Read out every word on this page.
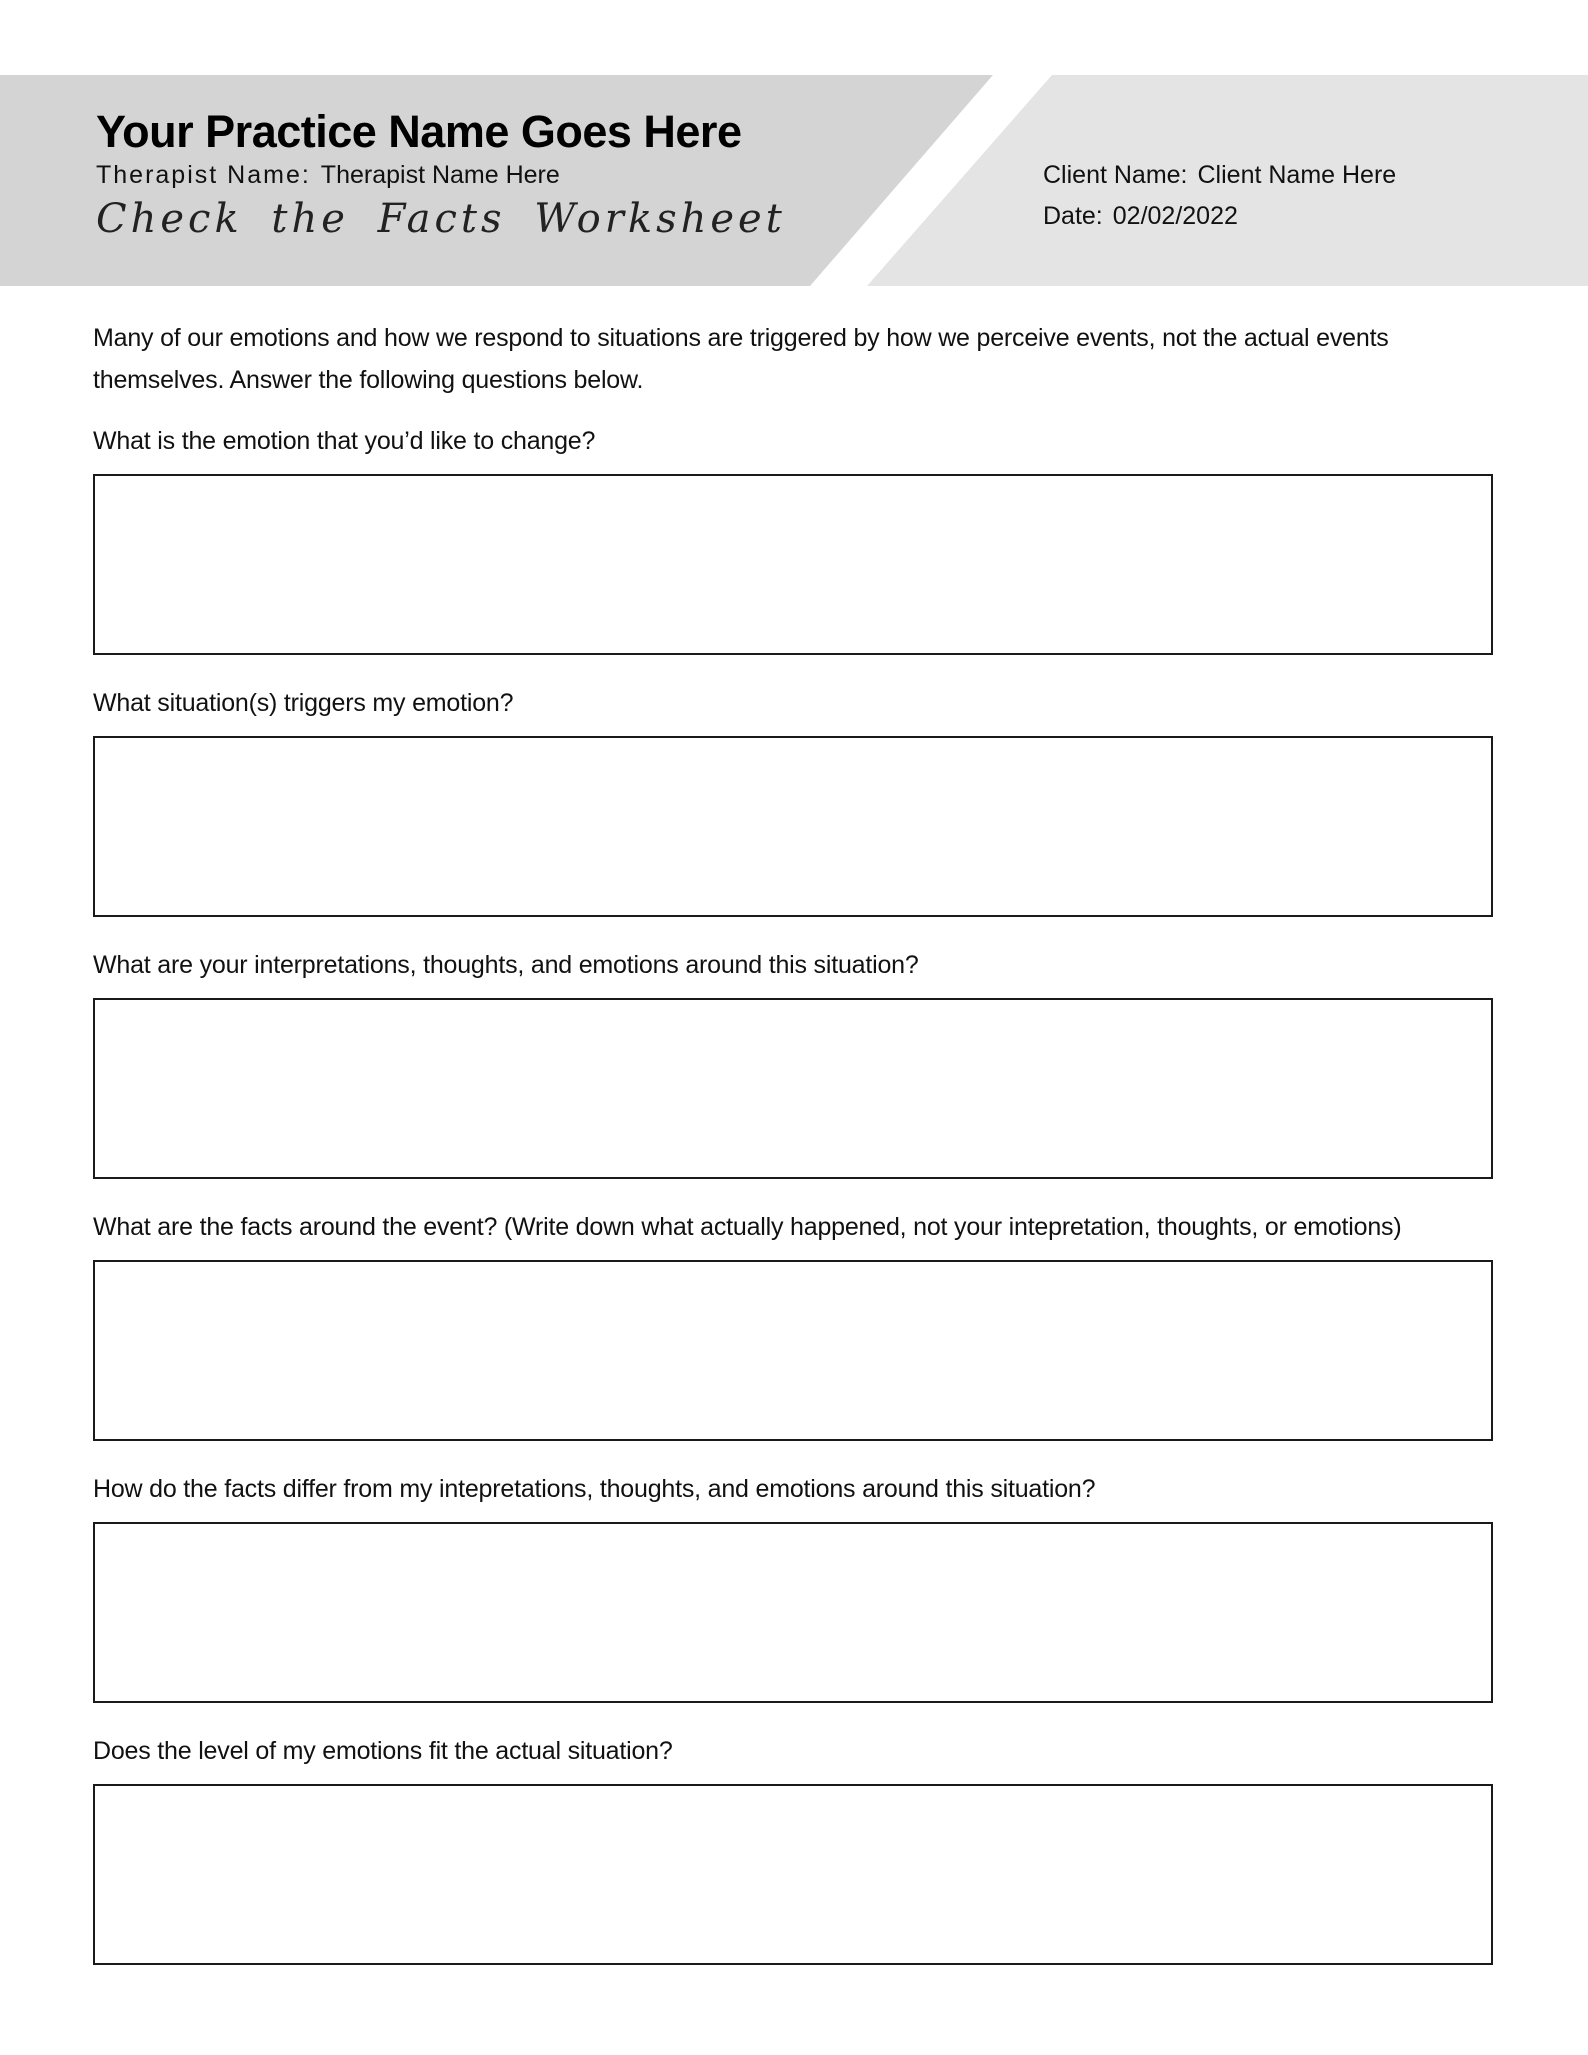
Your Practice Name Goes Here
Therapist Name: Therapist Name Here
Check the Facts Worksheet
Client Name: Client Name Here
Date: 02/02/2022
Many of our emotions and how we respond to situations are triggered by how we perceive events, not the actual events themselves. Answer the following questions below.
What is the emotion that you’d like to change?
What situation(s) triggers my emotion?
What are your interpretations, thoughts, and emotions around this situation?
What are the facts around the event? (Write down what actually happened, not your intepretation, thoughts, or emotions)
How do the facts differ from my intepretations, thoughts, and emotions around this situation?
Does the level of my emotions fit the actual situation?
